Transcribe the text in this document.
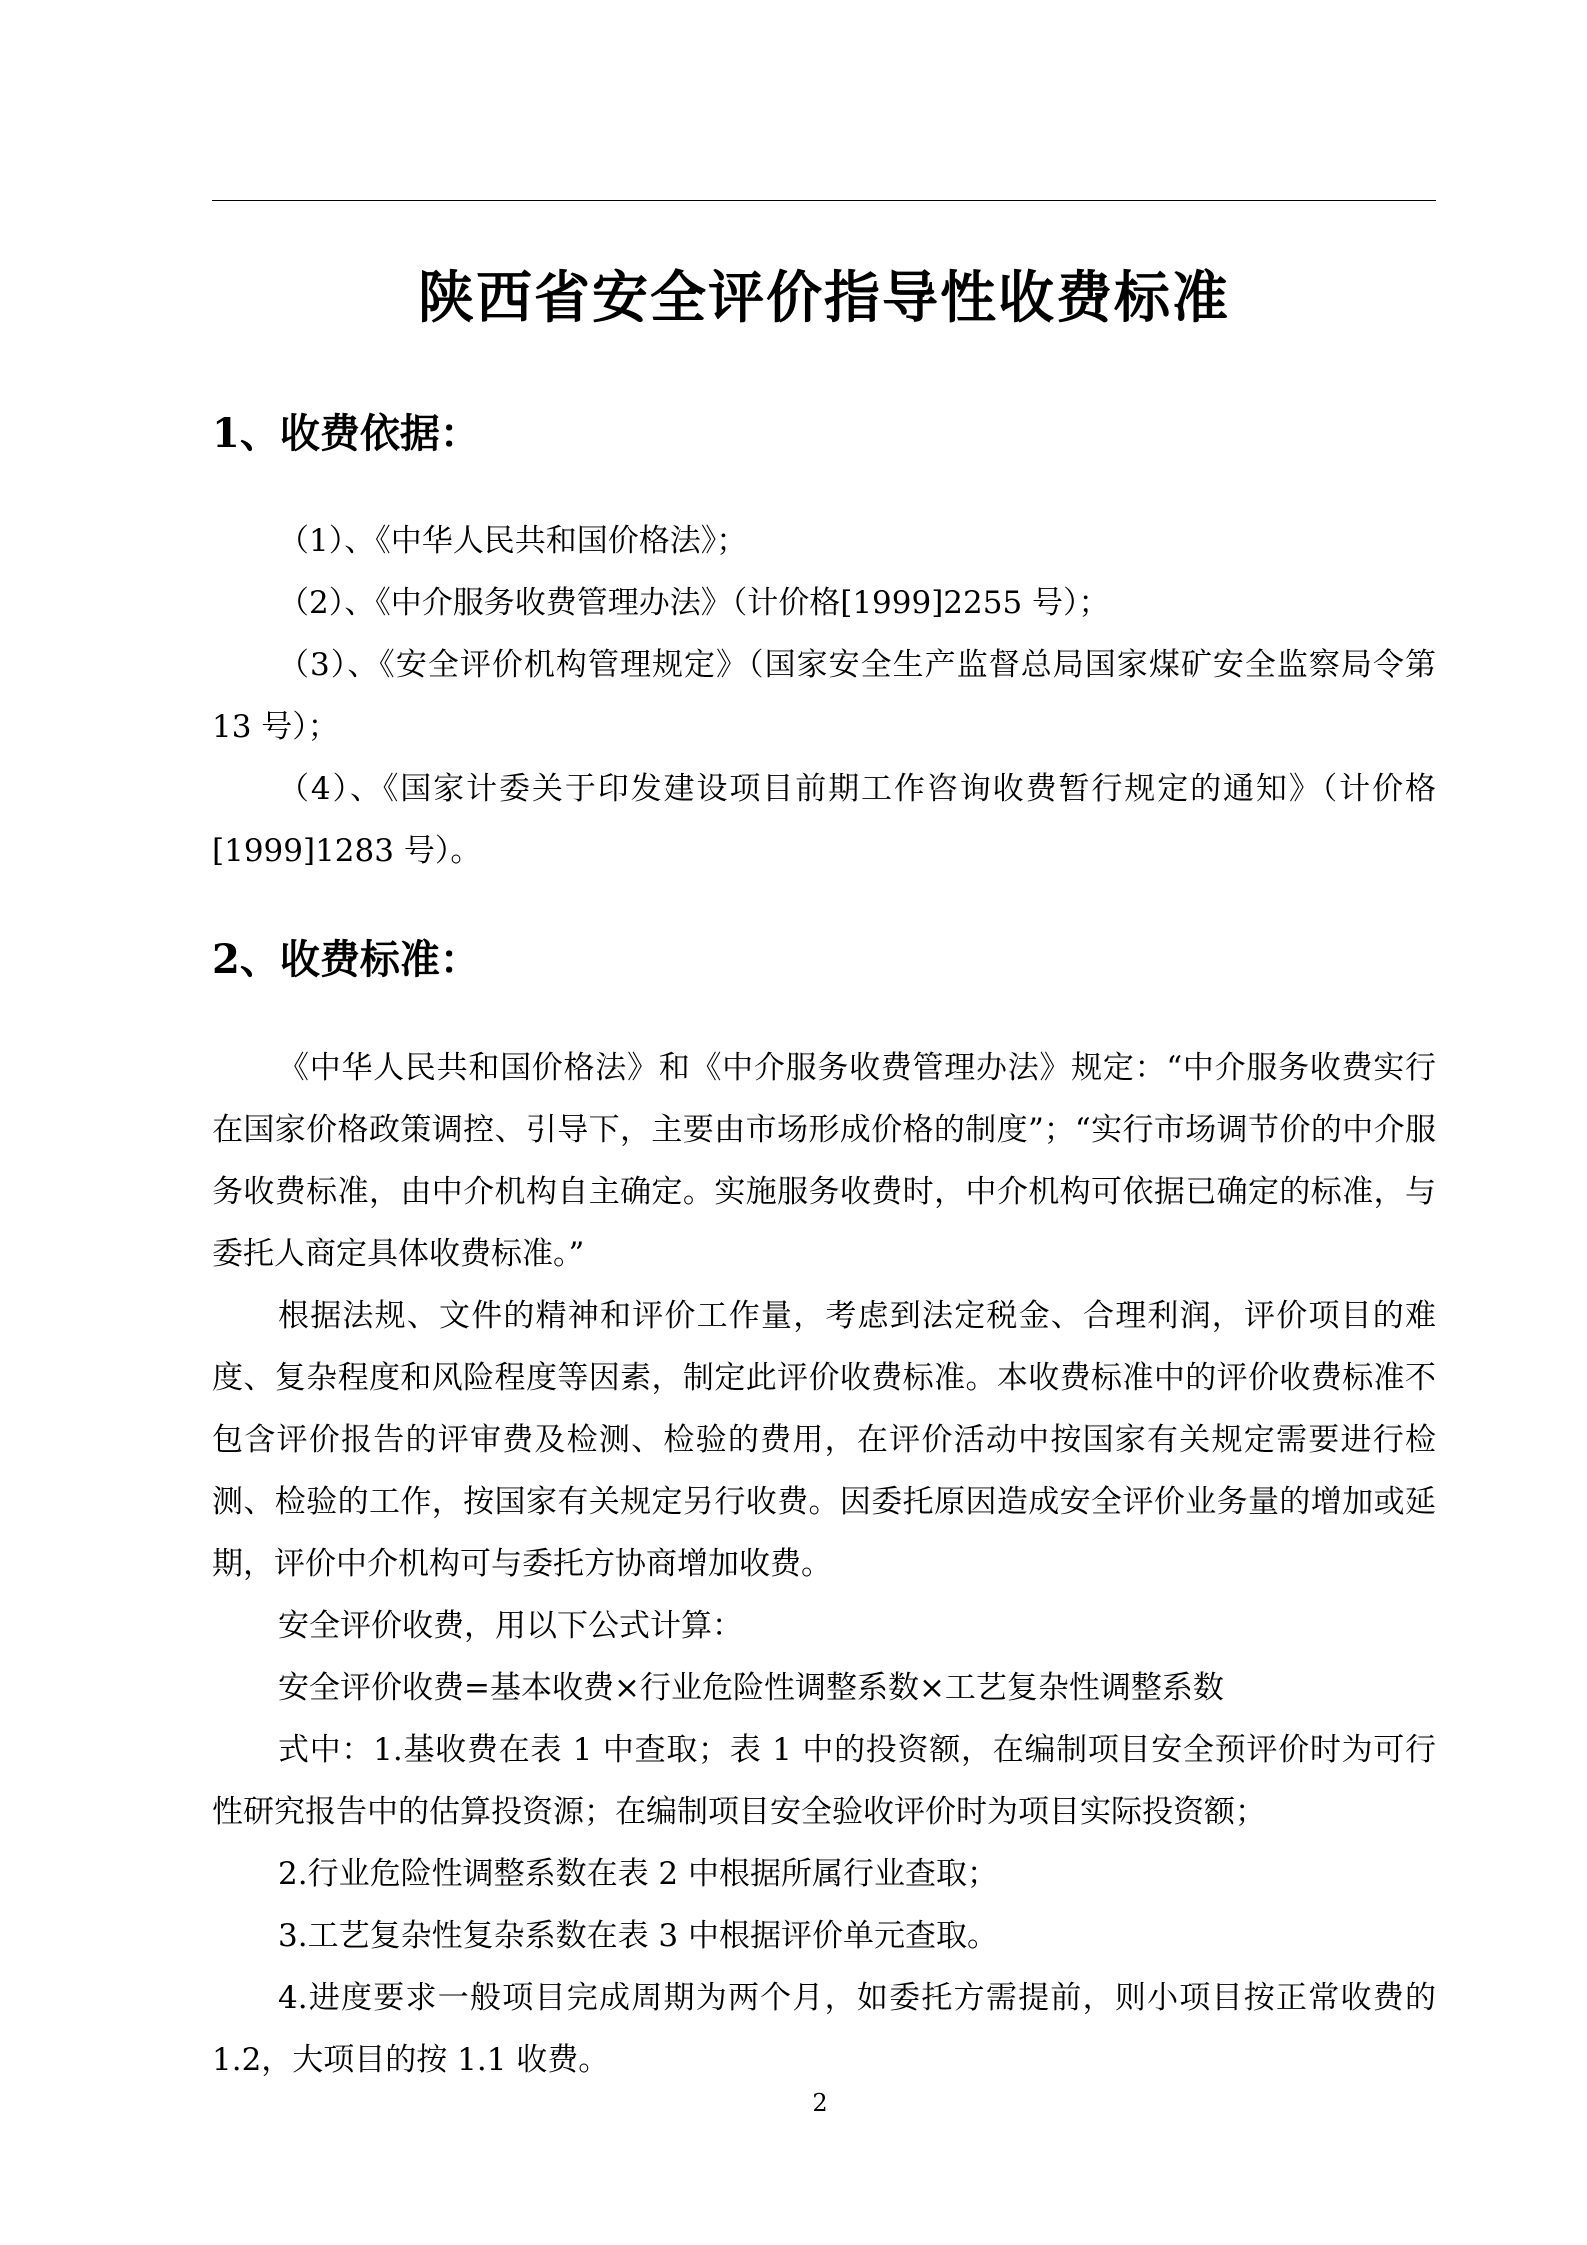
陕西省安全评价指导性收费标准
1、收费依据：

（1）、《中华人民共和国价格法》；

（2）、《中介服务收费管理办法》（计价格[1999]2255 号）；

（3）、《安全评价机构管理规定》（国家安全生产监督总局国家煤矿安全监察局令第 13 号）；

（4）、《国家计委关于印发建设项目前期工作咨询收费暂行规定的通知》（计价格[1999]1283 号）。

2、收费标准：

《中华人民共和国价格法》和《中介服务收费管理办法》规定：“中介服务收费实行在国家价格政策调控、引导下，主要由市场形成价格的制度”；“实行市场调节价的中介服务收费标准，由中介机构自主确定。实施服务收费时，中介机构可依据已确定的标准，与委托人商定具体收费标准。”

根据法规、文件的精神和评价工作量，考虑到法定税金、合理利润，评价项目的难度、复杂程度和风险程度等因素，制定此评价收费标准。本收费标准中的评价收费标准不包含评价报告的评审费及检测、检验的费用，在评价活动中按国家有关规定需要进行检测、检验的工作，按国家有关规定另行收费。因委托原因造成安全评价业务量的增加或延期，评价中介机构可与委托方协商增加收费。

安全评价收费，用以下公式计算：

安全评价收费=基本收费×行业危险性调整系数×工艺复杂性调整系数

式中：1.基收费在表 1 中查取；表 1 中的投资额，在编制项目安全预评价时为可行性研究报告中的估算投资源；在编制项目安全验收评价时为项目实际投资额；

2.行业危险性调整系数在表 2 中根据所属行业查取；

3.工艺复杂性复杂系数在表 3 中根据评价单元查取。

4.进度要求一般项目完成周期为两个月，如委托方需提前，则小项目按正常收费的 1.2，大项目的按 1.1 收费。

2
